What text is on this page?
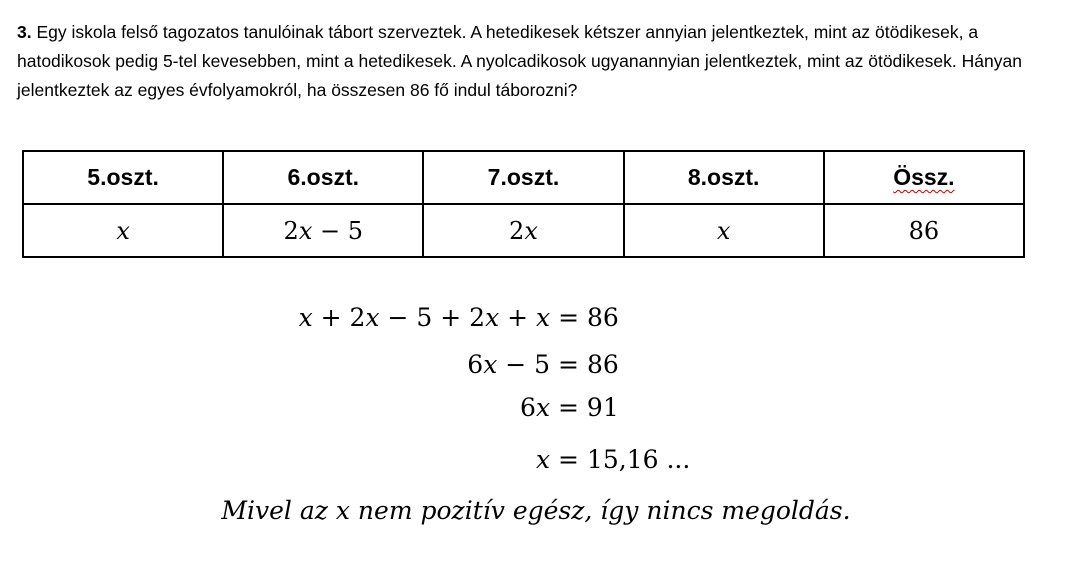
3. Egy iskola felső tagozatos tanulóinak tábort szerveztek. A hetedikesek kétszer annyian jelentkeztek, mint az ötödikesek, a hatodikosok pedig 5-tel kevesebben, mint a hetedikesek. A nyolcadikosok ugyanannyian jelentkeztek, mint az ötödikesek. Hányan jelentkeztek az egyes évfolyamokról, ha összesen 86 fő indul táborozni?

5.oszt.	6.oszt.	7.oszt.	8.oszt.	Össz.
x	2x − 5	2x	x	86

x + 2x − 5 + 2x + x = 86

6x − 5 = 86

6x = 91

x = 15,16 ...

Mivel az x nem pozitív egész, így nincs megoldás.
